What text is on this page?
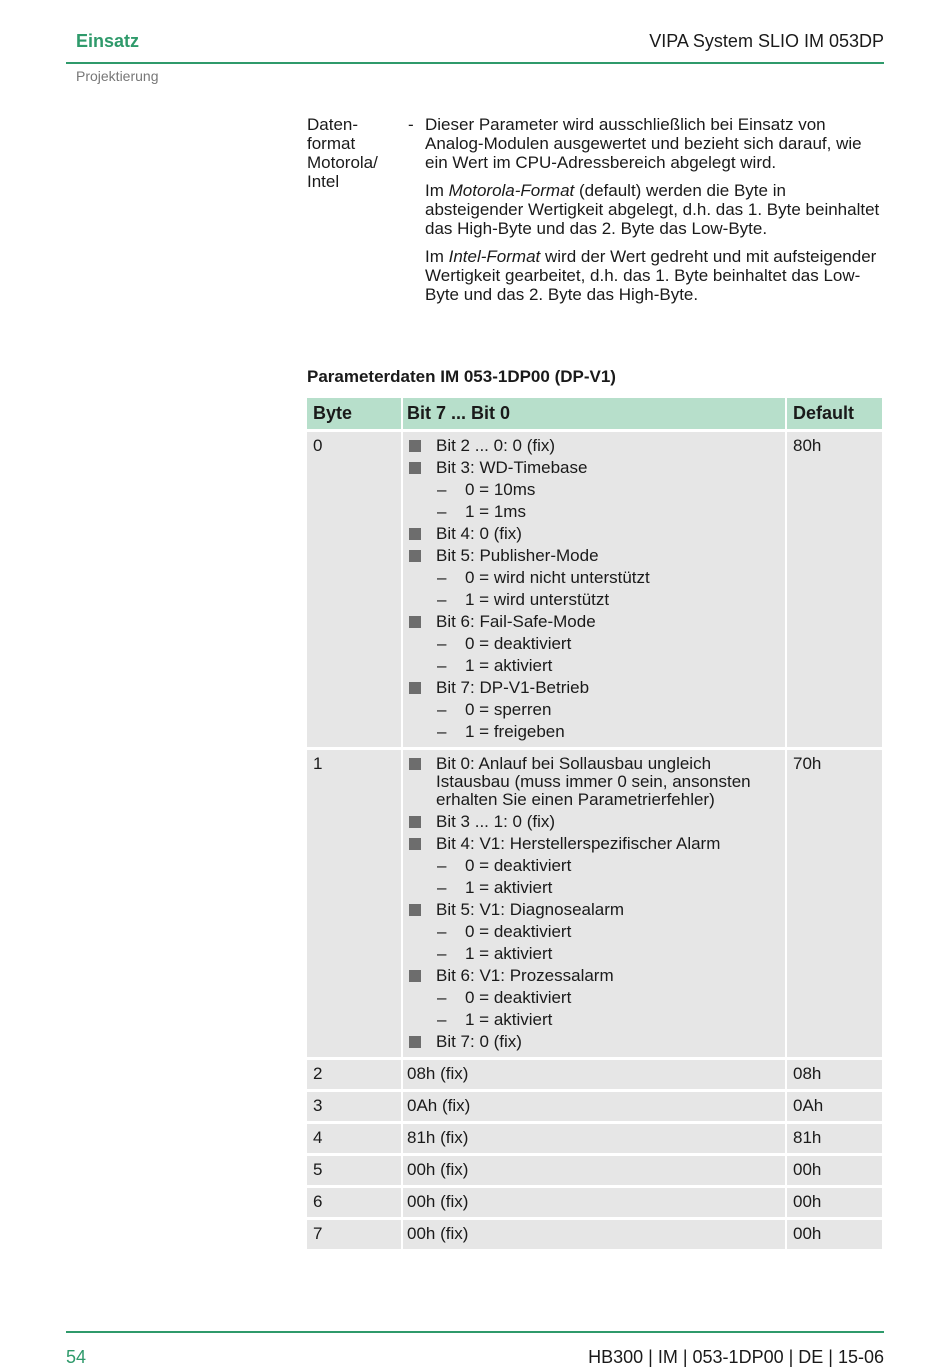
Einsatz	VIPA System SLIO IM 053DP
Projektierung
Daten-
format
Motorola/
Intel
- Dieser Parameter wird ausschließlich bei Einsatz von Analog-Modulen ausgewertet und bezieht sich darauf, wie ein Wert im CPU-Adressbereich abgelegt wird.

Im Motorola-Format (default) werden die Byte in absteigender Wertigkeit abgelegt, d.h. das 1. Byte beinhaltet das High-Byte und das 2. Byte das Low-Byte.

Im Intel-Format wird der Wert gedreht und mit aufsteigender Wertigkeit gearbeitet, d.h. das 1. Byte beinhaltet das Low-Byte und das 2. Byte das High-Byte.

Parameterdaten IM 053-1DP00 (DP-V1)
Byte	Bit 7 ... Bit 0	Default
0	Bit 2 ... 0: 0 (fix)
Bit 3: WD-Timebase
–	0 = 10ms
–	1 = 1ms
Bit 4: 0 (fix)
Bit 5: Publisher-Mode
–	0 = wird nicht unterstützt
–	1 = wird unterstützt
Bit 6: Fail-Safe-Mode
–	0 = deaktiviert
–	1 = aktiviert
Bit 7: DP-V1-Betrieb
–	0 = sperren
–	1 = freigeben
80h
1	Bit 0: Anlauf bei Sollausbau ungleich Istausbau (muss immer 0 sein, ansonsten erhalten Sie einen Parametrierfehler)
Bit 3 ... 1: 0 (fix)
Bit 4: V1: Herstellerspezifischer Alarm
–	0 = deaktiviert
–	1 = aktiviert
Bit 5: V1: Diagnosealarm
–	0 = deaktiviert
–	1 = aktiviert
Bit 6: V1: Prozessalarm
–	0 = deaktiviert
–	1 = aktiviert
Bit 7: 0 (fix)
70h
2	08h (fix)	08h
3	0Ah (fix)	0Ah
4	81h (fix)	81h
5	00h (fix)	00h
6	00h (fix)	00h
7	00h (fix)	00h
54	HB300 | IM | 053-1DP00 | DE | 15-06
